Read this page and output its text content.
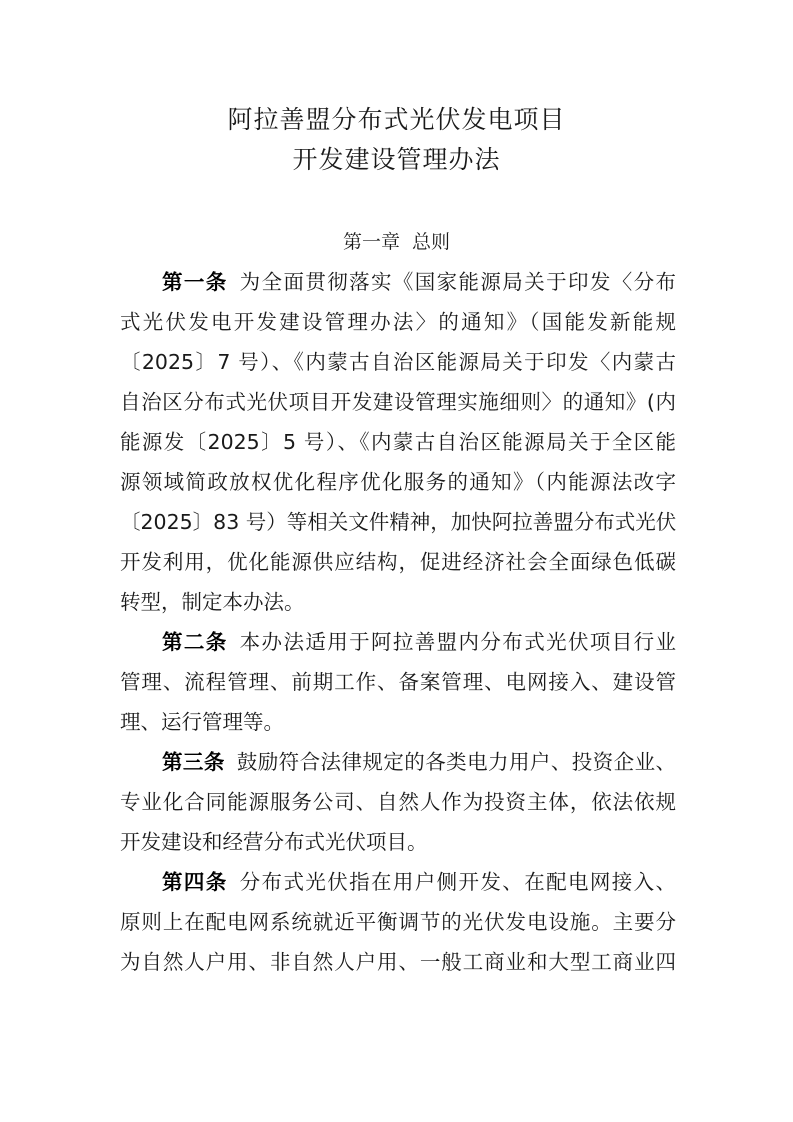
阿拉善盟分布式光伏发电项目
开发建设管理办法
第一章 总则
第一条 为全面贯彻落实《国家能源局关于印发〈分布
式光伏发电开发建设管理办法〉的通知》（国能发新能规
〔2025〕7 号）、《内蒙古自治区能源局关于印发〈内蒙古
自治区分布式光伏项目开发建设管理实施细则〉的通知》(内
能源发〔2025〕5 号）、《内蒙古自治区能源局关于全区能
源领域简政放权优化程序优化服务的通知》（内能源法改字
〔2025〕83 号）等相关文件精神，加快阿拉善盟分布式光伏
开发利用，优化能源供应结构，促进经济社会全面绿色低碳
转型，制定本办法。
第二条 本办法适用于阿拉善盟内分布式光伏项目行业
管理、流程管理、前期工作、备案管理、电网接入、建设管
理、运行管理等。
第三条 鼓励符合法律规定的各类电力用户、投资企业、
专业化合同能源服务公司、自然人作为投资主体，依法依规
开发建设和经营分布式光伏项目。
第四条 分布式光伏指在用户侧开发、在配电网接入、
原则上在配电网系统就近平衡调节的光伏发电设施。主要分
为自然人户用、非自然人户用、一般工商业和大型工商业四
